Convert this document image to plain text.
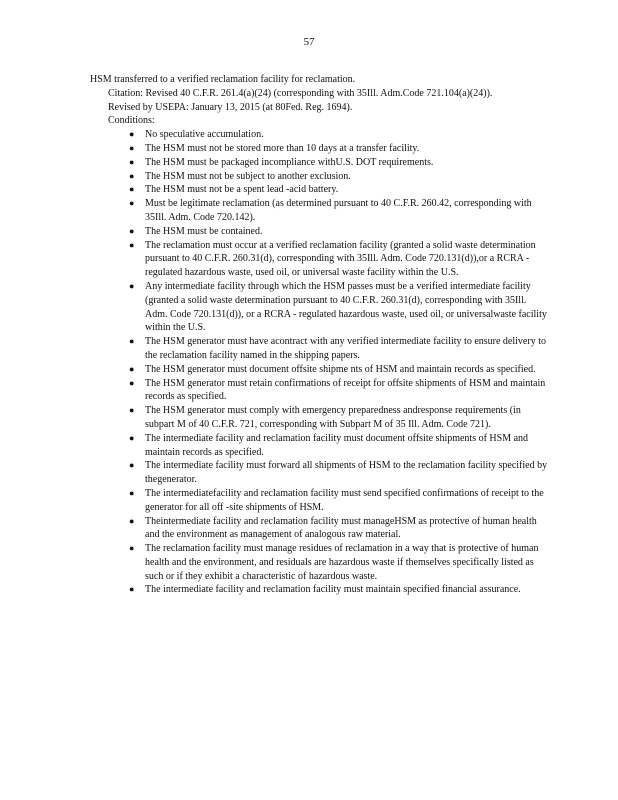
57

HSM transferred to a verified reclamation facility for reclamation.

Citation: Revised 40 C.F.R. 261.4(a)(24) (corresponding with 35Ill. Adm.Code 721.104(a)(24)).

Revised by USEPA: January 13, 2015 (at 80Fed. Reg. 1694).

Conditions:

● No speculative accumulation.
● The HSM must not be stored more than 10 days at a transfer facility.
● The HSM must be packaged incompliance withU.S. DOT requirements.
● The HSM must not be subject to another exclusion.
● The HSM must not be a spent lead -acid battery.
● Must be legitimate reclamation (as determined pursuant to 40 C.F.R. 260.42, corresponding with 35Ill. Adm. Code 720.142).
● The HSM must be contained.
● The reclamation must occur at a verified reclamation facility (granted a solid waste determination pursuant to 40 C.F.R. 260.31(d), corresponding with 35Ill. Adm. Code 720.131(d)),or a RCRA - regulated hazardous waste, used oil, or universal waste facility within the U.S.
● Any intermediate facility through which the HSM passes must be a verified intermediate facility (granted a solid waste determination pursuant to 40 C.F.R. 260.31(d), corresponding with 35Ill. Adm. Code 720.131(d)), or a RCRA - regulated hazardous waste, used oil, or universalwaste facility within the U.S.
● The HSM generator must have acontract with any verified intermediate facility to ensure delivery to the reclamation facility named in the shipping papers.
● The HSM generator must document offsite shipme nts of HSM and maintain records as specified.
● The HSM generator must retain confirmations of receipt for offsite shipments of HSM and maintain records as specified.
● The HSM generator must comply with emergency preparedness andresponse requirements (in subpart M of 40 C.F.R. 721, corresponding with Subpart M of 35 Ill. Adm. Code 721).
● The intermediate facility and reclamation facility must document offsite shipments of HSM and maintain records as specified.
● The intermediate facility must forward all shipments of HSM to the reclamation facility specified by thegenerator.
● The intermediatefacility and reclamation facility must send specified confirmations of receipt to the generator for all off -site shipments of HSM.
● Theintermediate facility and reclamation facility must manageHSM as protective of human health and the environment as management of analogous raw material.
● The reclamation facility must manage residues of reclamation in a way that is protective of human health and the environment, and residuals are hazardous waste if themselves specifically listed as such or if they exhibit a characteristic of hazardous waste.
● The intermediate facility and reclamation facility must maintain specified financial assurance.
